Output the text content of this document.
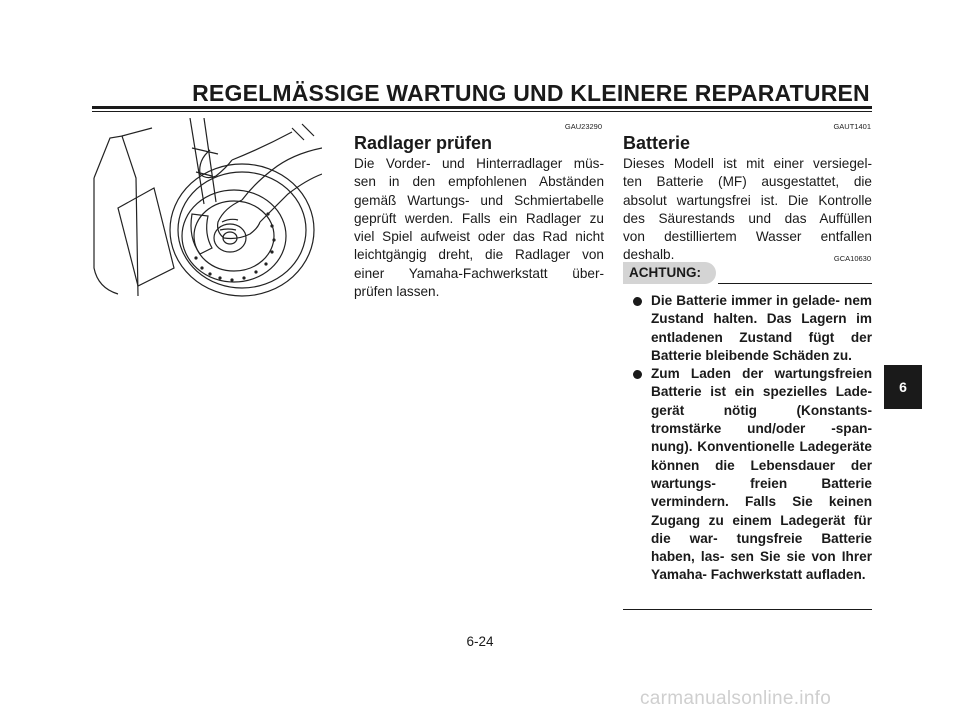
REGELMÄSSIGE WARTUNG UND KLEINERE REPARATUREN
GAU23290
Radlager prüfen
Die Vorder- und Hinterradlager müs-
sen in den empfohlenen Abständen
gemäß Wartungs- und Schmiertabelle
geprüft werden. Falls ein Radlager zu
viel Spiel aufweist oder das Rad nicht
leichtgängig dreht, die Radlager von
einer Yamaha-Fachwerkstatt über-
prüfen lassen.
GAUT1401
Batterie
Dieses Modell ist mit einer versiegel-
ten Batterie (MF) ausgestattet, die
absolut wartungsfrei ist. Die Kontrolle
des Säurestands und das Auffüllen
von destilliertem Wasser entfallen
deshalb.	GCA10630
ACHTUNG:
Die Batterie immer in gelade- nem Zustand halten. Das Lagern im entladenen Zustand fügt der Batterie bleibende Schäden zu.
Zum Laden der wartungsfreien Batterie ist ein spezielles Lade- gerät nötig (Konstants- tromstärke und/oder -span- nung). Konventionelle Ladegeräte können die Lebensdauer der wartungs- freien Batterie vermindern. Falls Sie keinen Zugang zu einem Ladegerät für die war- tungsfreie Batterie haben, las- sen Sie sie von Ihrer Yamaha- Fachwerkstatt aufladen.
6-24
6
carmanualsonline.info
